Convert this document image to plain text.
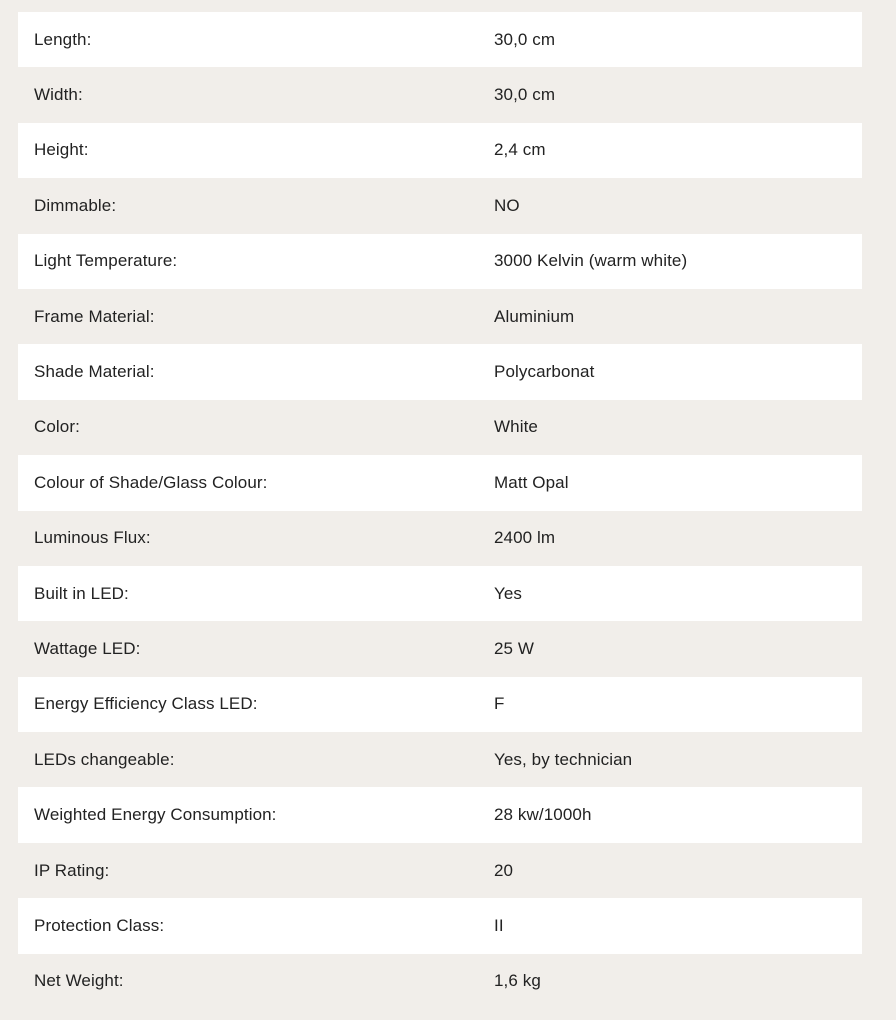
Length:	30,0 cm
Width:	30,0 cm
Height:	2,4 cm
Dimmable:	NO
Light Temperature:	3000 Kelvin (warm white)
Frame Material:	Aluminium
Shade Material:	Polycarbonat
Color:	White
Colour of Shade/Glass Colour:	Matt Opal
Luminous Flux:	2400 lm
Built in LED:	Yes
Wattage LED:	25 W
Energy Efficiency Class LED:	F
LEDs changeable:	Yes, by technician
Weighted Energy Consumption:	28 kw/1000h
IP Rating:	20
Protection Class:	II
Net Weight:	1,6 kg
